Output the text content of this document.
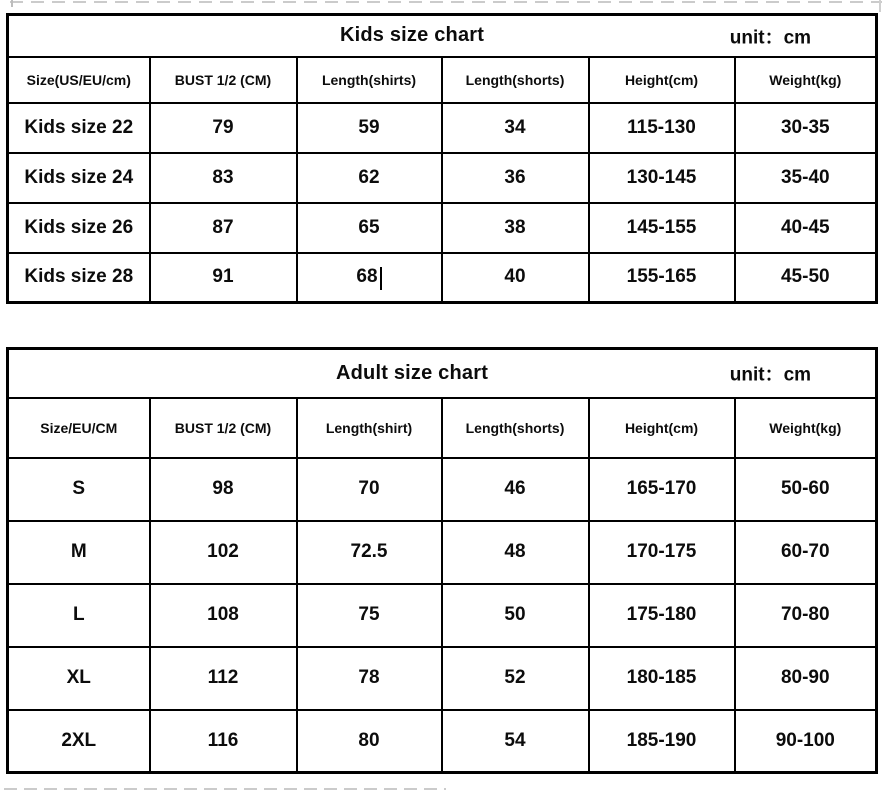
Kids size chart unit：cm					

Size(US/EU/cm)	BUST 1/2 (CM)	Length(shirts)	Length(shorts)	Height(cm)	Weight(kg)
Kids size 22	79	59	34	115-130	30-35
Kids size 24	83	62	36	130-145	35-40
Kids size 26	87	65	38	145-155	40-45
Kids size 28	91	68	40	155-165	45-50
Adult size chart unit：cm					

Size/EU/CM	BUST 1/2 (CM)	Length(shirt)	Length(shorts)	Height(cm)	Weight(kg)
S	98	70	46	165-170	50-60
M	102	72.5	48	170-175	60-70
L	108	75	50	175-180	70-80
XL	112	78	52	180-185	80-90
2XL	116	80	54	185-190	90-100
